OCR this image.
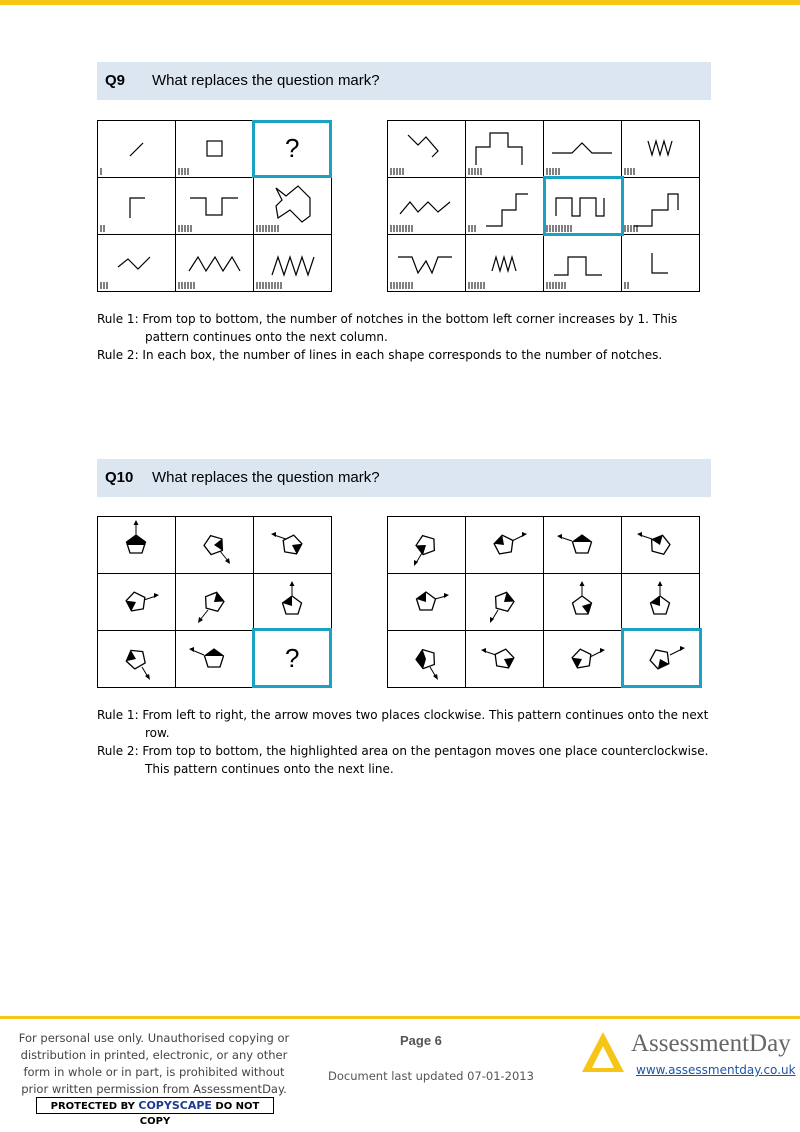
Q9 What replaces the question mark?

?

Rule 1: From top to bottom, the number of notches in the bottom left corner increases by 1. This pattern continues onto the next column.

Rule 2: In each box, the number of lines in each shape corresponds to the number of notches.

Q10 What replaces the question mark?

?

Rule 1: From left to right, the arrow moves two places clockwise. This pattern continues onto the next row.

Rule 2: From top to bottom, the highlighted area on the pentagon moves one place counterclockwise. This pattern continues onto the next line.

For personal use only. Unauthorised copying or distribution in printed, electronic, or any other form in whole or in part, is prohibited without prior written permission from AssessmentDay.
PROTECTED BY COPYSCAPE DO NOT COPY
Page 6
Document last updated 07-01-2013
AssessmentDay
www.assessmentday.co.uk
